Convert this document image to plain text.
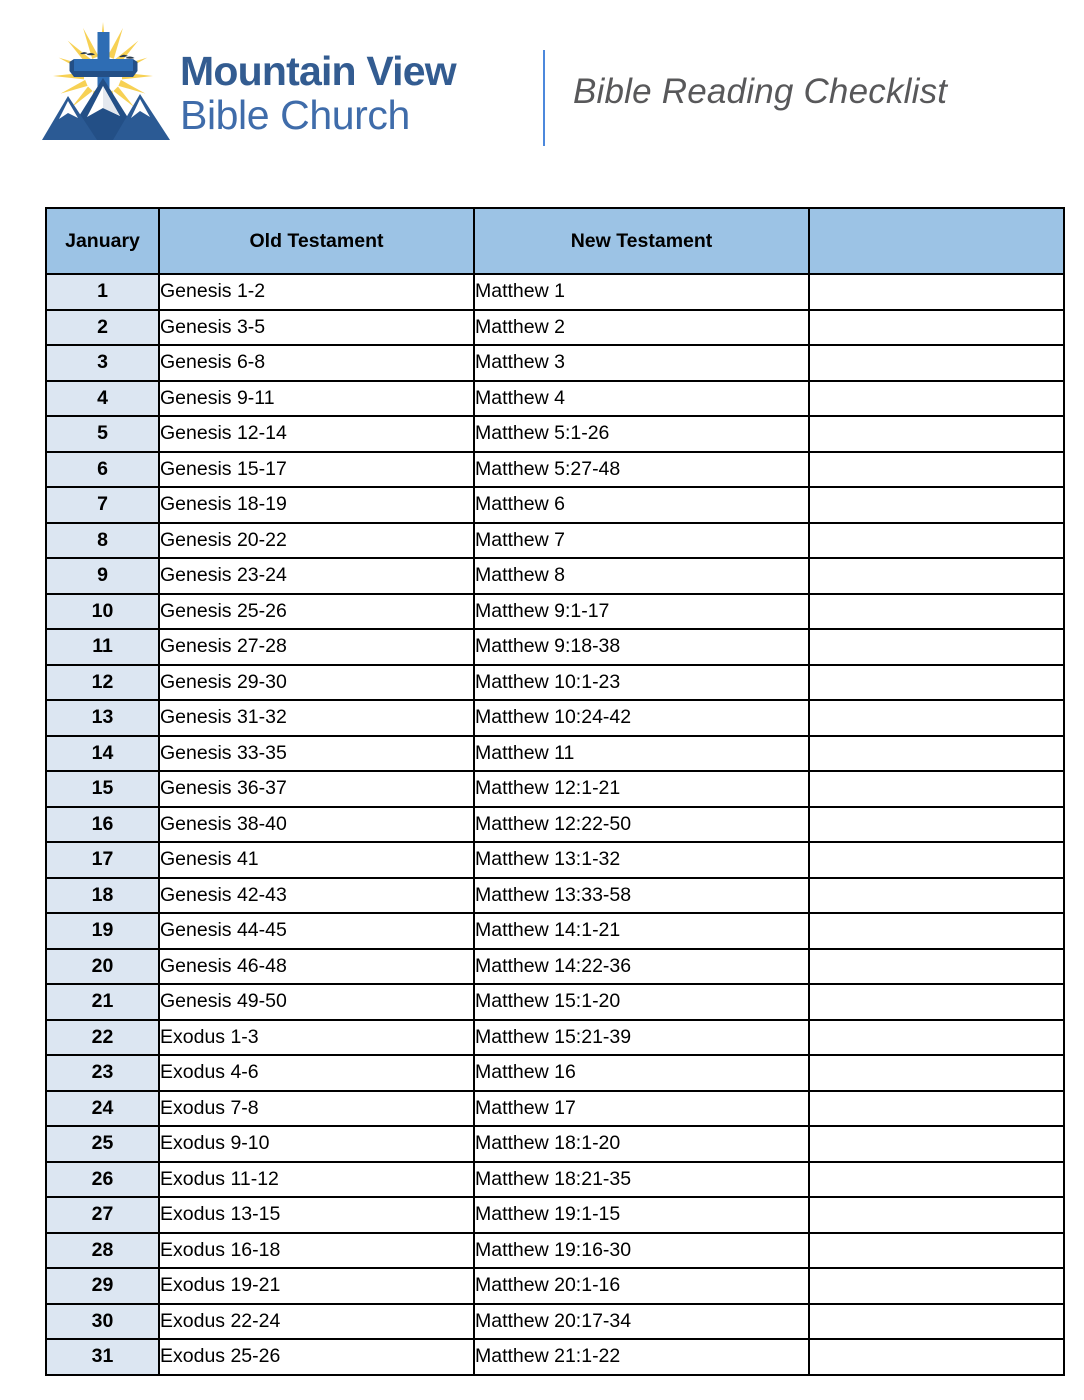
Mountain View
Bible Church
Bible Reading Checklist
January	Old Testament	New Testament	
1	Genesis 1-2	Matthew 1	
2	Genesis 3-5	Matthew 2	
3	Genesis 6-8	Matthew 3	
4	Genesis 9-11	Matthew 4	
5	Genesis 12-14	Matthew 5:1-26	
6	Genesis 15-17	Matthew 5:27-48	
7	Genesis 18-19	Matthew 6	
8	Genesis 20-22	Matthew 7	
9	Genesis 23-24	Matthew 8	
10	Genesis 25-26	Matthew 9:1-17	
11	Genesis 27-28	Matthew 9:18-38	
12	Genesis 29-30	Matthew 10:1-23	
13	Genesis 31-32	Matthew 10:24-42	
14	Genesis 33-35	Matthew 11	
15	Genesis 36-37	Matthew 12:1-21	
16	Genesis 38-40	Matthew 12:22-50	
17	Genesis 41	Matthew 13:1-32	
18	Genesis 42-43	Matthew 13:33-58	
19	Genesis 44-45	Matthew 14:1-21	
20	Genesis 46-48	Matthew 14:22-36	
21	Genesis 49-50	Matthew 15:1-20	
22	Exodus 1-3	Matthew 15:21-39	
23	Exodus 4-6	Matthew 16	
24	Exodus 7-8	Matthew 17	
25	Exodus 9-10	Matthew 18:1-20	
26	Exodus 11-12	Matthew 18:21-35	
27	Exodus 13-15	Matthew 19:1-15	
28	Exodus 16-18	Matthew 19:16-30	
29	Exodus 19-21	Matthew 20:1-16	
30	Exodus 22-24	Matthew 20:17-34	
31	Exodus 25-26	Matthew 21:1-22	
